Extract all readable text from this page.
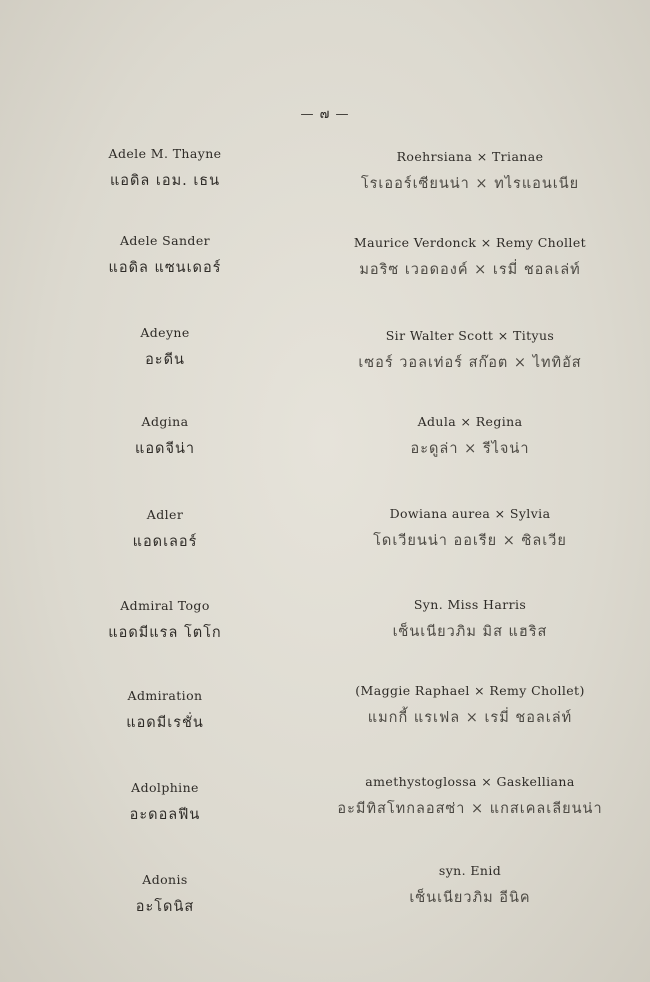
— ๗ —
Adele M. Thayne
แอดิล เอม. เธน
Adele Sander
แอดิล แซนเดอร์
Adeyne
อะดีน
Adgina
แอดจีน่า
Adler
แอดเลอร์
Admiral Togo
แอดมีแรล โตโก
Admiration
แอดมีเรชั่น
Adolphine
อะดอลฟีน
Adonis
อะโดนิส
Roehrsiana × Trianae
โรเออร์เซียนน่า × ทไรแอนเนีย
Maurice Verdonck × Remy Chollet
มอริซ เวอดองค์ × เรมี่ ชอลเล่ท์
Sir Walter Scott × Tityus
เซอร์ วอลเท่อร์ สก๊อต × ไททิอัส
Adula × Regina
อะดูล่า × รีไจน่า
Dowiana aurea × Sylvia
โดเวียนน่า ออเรีย × ซิลเวีย
Syn. Miss Harris
เซ็นเนียวภิม มิส แฮริส
(Maggie Raphael × Remy Chollet)
แมกกี้ แรเฟล × เรมี่ ชอลเล่ท์
amethystoglossa × Gaskelliana
อะมีทิสโทกลอสซ่า × แกสเคลเลียนน่า
syn. Enid
เซ็นเนียวภิม อีนิค
